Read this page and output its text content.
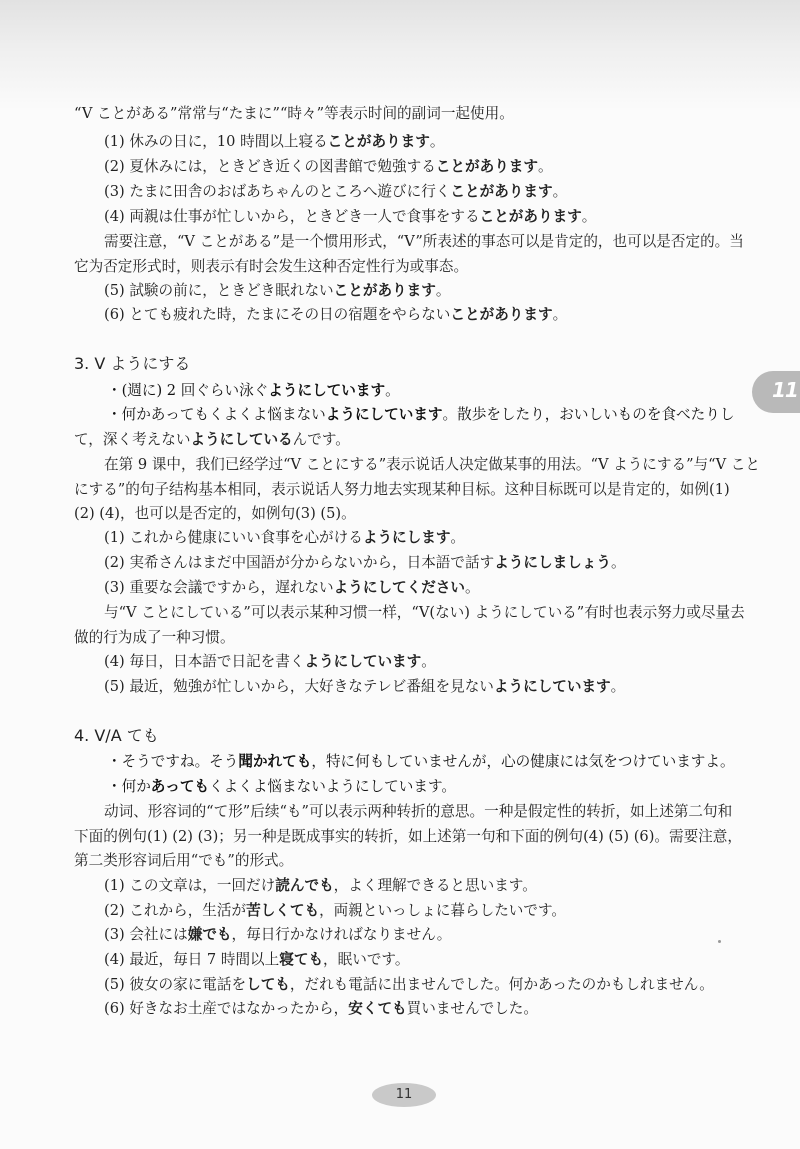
“V ことがある”常常与“たまに”“時々”等表示时间的副词一起使用。
(1) 休みの日に，10 時間以上寝ることがあります。
(2) 夏休みには，ときどき近くの図書館で勉強することがあります。
(3) たまに田舎のおばあちゃんのところへ遊びに行くことがあります。
(4) 両親は仕事が忙しいから，ときどき一人で食事をすることがあります。
需要注意，“V ことがある”是一个惯用形式，“V”所表述的事态可以是肯定的，也可以是否定的。当
它为否定形式时，则表示有时会发生这种否定性行为或事态。
(5) 試験の前に，ときどき眠れないことがあります。
(6) とても疲れた時，たまにその日の宿題をやらないことがあります。
3. V ようにする
・(週に) 2 回ぐらい泳ぐようにしています。
・何かあってもくよくよ悩まないようにしています。散歩をしたり，おいしいものを食べたりし
て，深く考えないようにしているんです。
在第 9 课中，我们已经学过“V ことにする”表示说话人决定做某事的用法。“V ようにする”与“V こと
にする”的句子结构基本相同，表示说话人努力地去实现某种目标。这种目标既可以是肯定的，如例(1)
(2) (4)，也可以是否定的，如例句(3) (5)。
(1) これから健康にいい食事を心がけるようにします。
(2) 実希さんはまだ中国語が分からないから，日本語で話すようにしましょう。
(3) 重要な会議ですから，遅れないようにしてください。
与“V ことにしている”可以表示某种习惯一样，“V(ない) ようにしている”有时也表示努力或尽量去
做的行为成了一种习惯。
(4) 毎日，日本語で日記を書くようにしています。
(5) 最近，勉強が忙しいから，大好きなテレビ番組を見ないようにしています。
4. V/A ても
・そうですね。そう聞かれても，特に何もしていませんが，心の健康には気をつけていますよ。
・何かあってもくよくよ悩まないようにしています。
动词、形容词的“て形”后续“も”可以表示两种转折的意思。一种是假定性的转折，如上述第二句和
下面的例句(1) (2) (3)；另一种是既成事实的转折，如上述第一句和下面的例句(4) (5) (6)。需要注意，
第二类形容词后用“でも”的形式。
(1) この文章は，一回だけ読んでも，よく理解できると思います。
(2) これから，生活が苦しくても，両親といっしょに暮らしたいです。
(3) 会社には嫌でも，毎日行かなければなりません。
(4) 最近，毎日 7 時間以上寝ても，眠いです。
(5) 彼女の家に電話をしても，だれも電話に出ませんでした。何かあったのかもしれません。
(6) 好きなお土産ではなかったから，安くても買いませんでした。
11
11
